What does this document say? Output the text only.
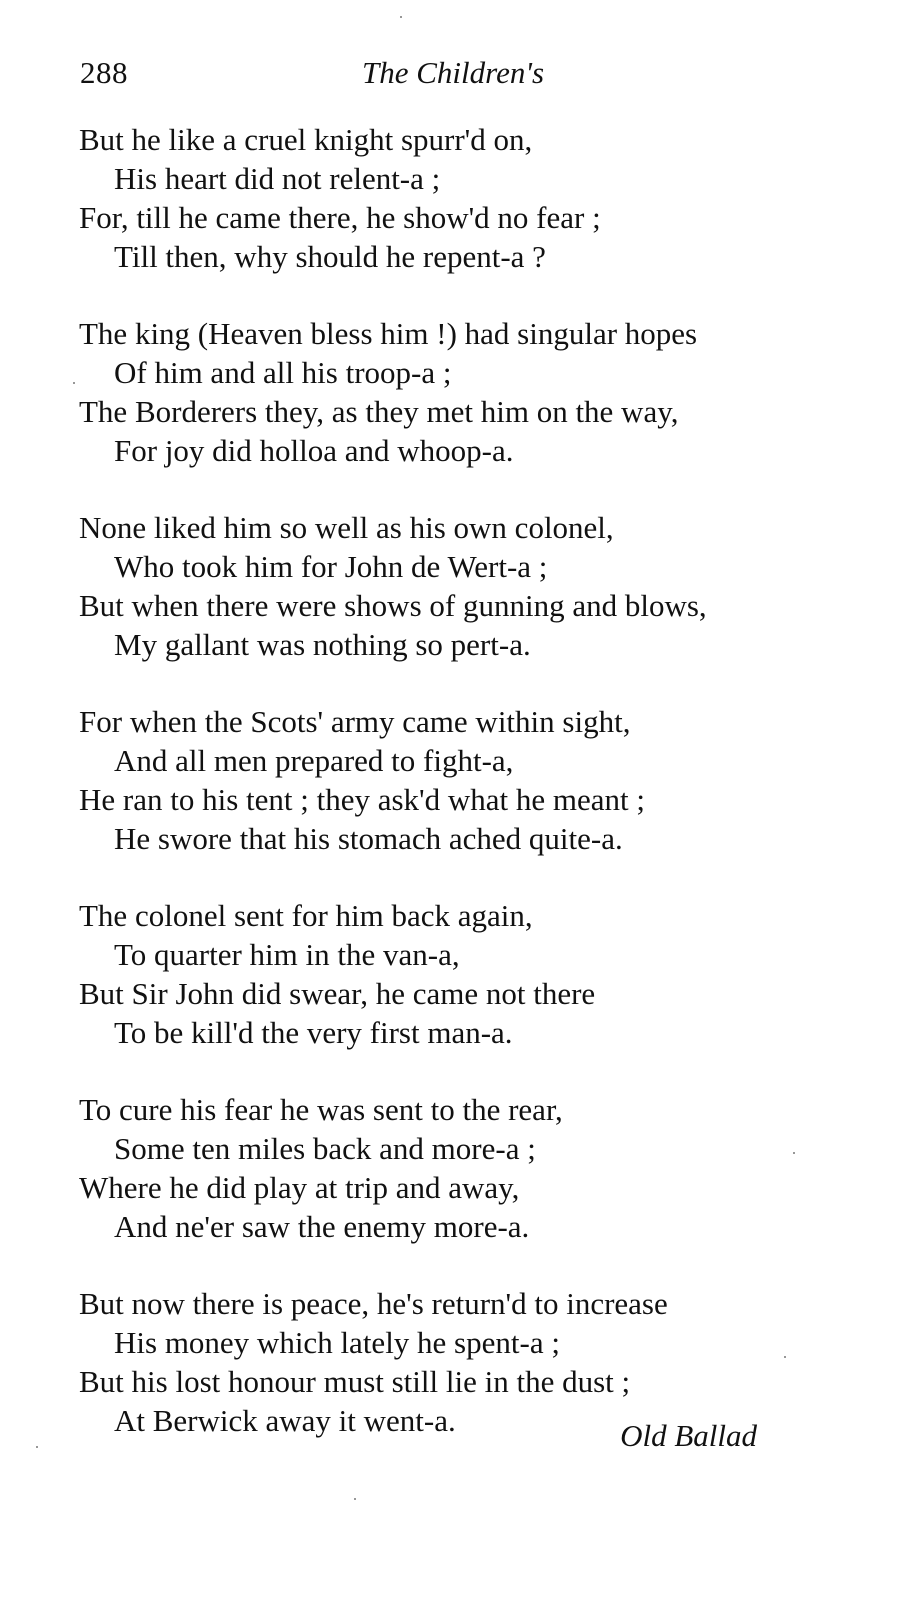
288	The Children's
But he like a cruel knight spurr'd on,
His heart did not relent-a ;
For, till he came there, he show'd no fear ;
Till then, why should he repent-a ?
The king (Heaven bless him !) had singular hopes
Of him and all his troop-a ;
The Borderers they, as they met him on the way,
For joy did holloa and whoop-a.
None liked him so well as his own colonel,
Who took him for John de Wert-a ;
But when there were shows of gunning and blows,
My gallant was nothing so pert-a.
For when the Scots' army came within sight,
And all men prepared to fight-a,
He ran to his tent ; they ask'd what he meant ;
He swore that his stomach ached quite-a.
The colonel sent for him back again,
To quarter him in the van-a,
But Sir John did swear, he came not there
To be kill'd the very first man-a.
To cure his fear he was sent to the rear,
Some ten miles back and more-a ;
Where he did play at trip and away,
And ne'er saw the enemy more-a.
But now there is peace, he's return'd to increase
His money which lately he spent-a ;
But his lost honour must still lie in the dust ;
At Berwick away it went-a.	Old Ballad
